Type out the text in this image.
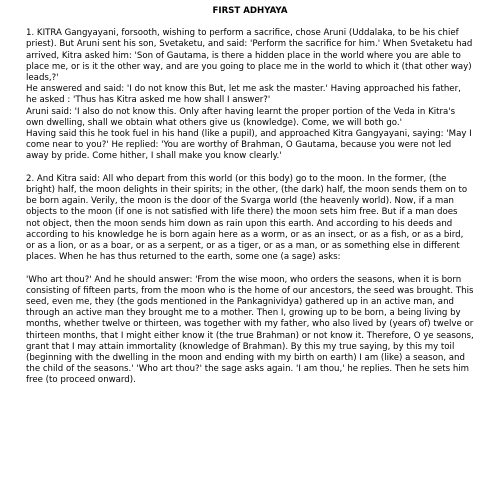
FIRST ADHYAYA

1. KITRA Gangyayani, forsooth, wishing to perform a sacrifice, chose Aruni (Uddalaka, to be his chief priest). But Aruni sent his son, Svetaketu, and said: 'Perform the sacrifice for him.' When Svetaketu had arrived, Kitra asked him: 'Son of Gautama, is there a hidden place in the world where you are able to place me, or is it the other way, and are you going to place me in the world to which it (that other way) leads,?'
He answered and said: 'I do not know this But, let me ask the master.' Having approached his father, he asked : 'Thus has Kitra asked me how shall I answer?'
Aruni said: 'I also do not know this. Only after having learnt the proper portion of the Veda in Kitra's own dwelling, shall we obtain what others give us (knowledge). Come, we will both go.'
Having said this he took fuel in his hand (like a pupil), and approached Kitra Gangyayani, saying: 'May I come near to you?' He replied: 'You are worthy of Brahman, O Gautama, because you were not led away by pride. Come hither, I shall make you know clearly.'

2. And Kitra said: All who depart from this world (or this body) go to the moon. In the former, (the bright) half, the moon delights in their spirits; in the other, (the dark) half, the moon sends them on to be born again. Verily, the moon is the door of the Svarga world (the heavenly world). Now, if a man objects to the moon (if one is not satisfied with life there) the moon sets him free. But if a man does not object, then the moon sends him down as rain upon this earth. And according to his deeds and according to his knowledge he is born again here as a worm, or as an insect, or as a fish, or as a bird, or as a lion, or as a boar, or as a serpent, or as a tiger, or as a man, or as something else in different places. When he has thus returned to the earth, some one (a sage) asks:

'Who art thou?' And he should answer: 'From the wise moon, who orders the seasons, when it is born consisting of fifteen parts, from the moon who is the home of our ancestors, the seed was brought. This seed, even me, they (the gods mentioned in the Pankagnividya) gathered up in an active man, and through an active man they brought me to a mother. Then I, growing up to be born, a being living by months, whether twelve or thirteen, was together with my father, who also lived by (years of) twelve or thirteen months, that I might either know it (the true Brahman) or not know it. Therefore, O ye seasons, grant that I may attain immortality (knowledge of Brahman). By this my true saying, by this my toil (beginning with the dwelling in the moon and ending with my birth on earth) I am (like) a season, and the child of the seasons.' 'Who art thou?' the sage asks again. 'I am thou,' he replies. Then he sets him free (to proceed onward).
